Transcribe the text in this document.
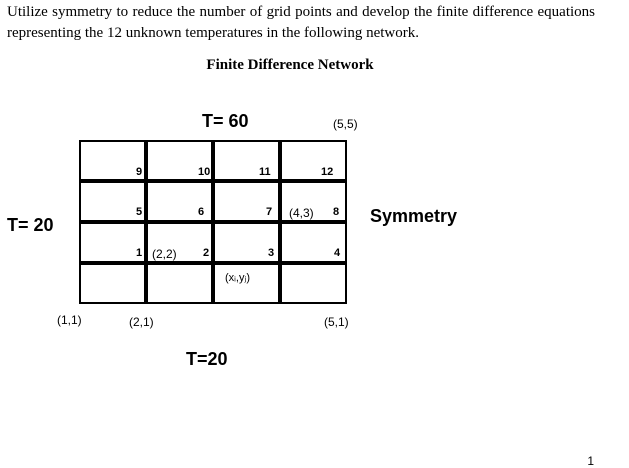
Utilize symmetry to reduce the number of grid points and develop the finite difference equations representing the 12 unknown temperatures in the following network.
Finite Difference Network
T= 60	(5,5)
T= 20	Symmetry
9	10	11	12
5	6	7	8
(4,3)
1 (2,2) 2	3	4
(xᵢ,yⱼ)
(1,1)	(2,1)	(5,1)
T=20
1
